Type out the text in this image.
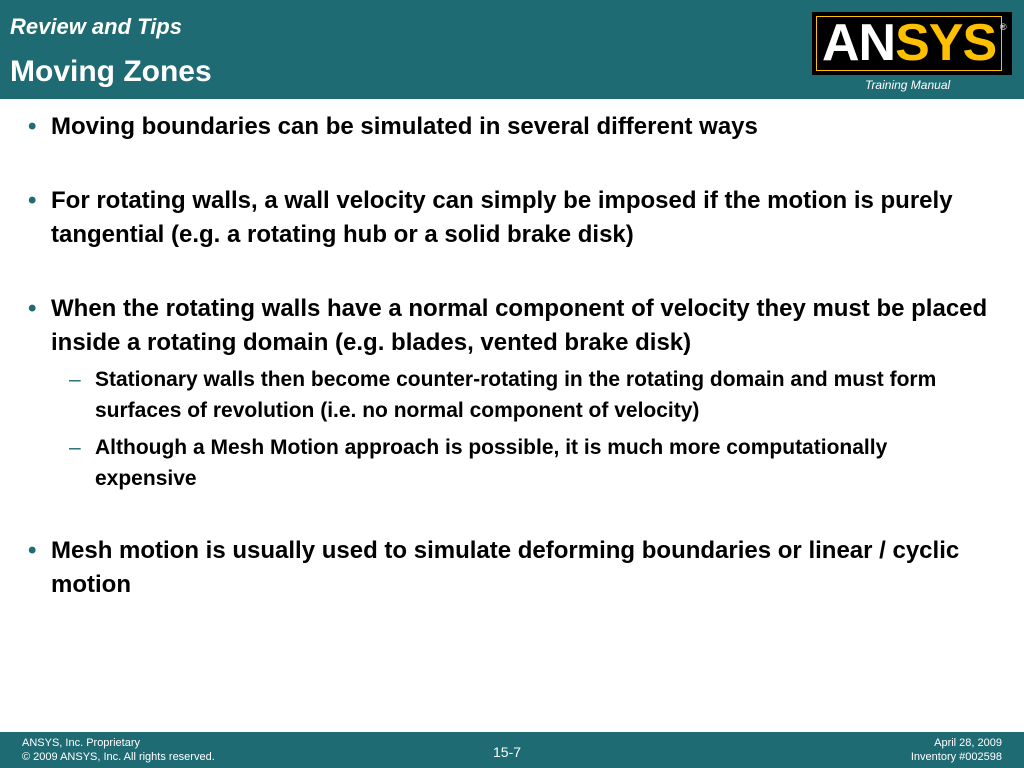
Review and Tips
Moving Zones	ANSYS ®
Training Manual
• Moving boundaries can be simulated in several different ways
• For rotating walls, a wall velocity can simply be imposed if the motion is purely tangential (e.g. a rotating hub or a solid brake disk)
• When the rotating walls have a normal component of velocity they must be placed inside a rotating domain (e.g. blades, vented brake disk)
– Stationary walls then become counter-rotating in the rotating domain and must form surfaces of revolution (i.e. no normal component of velocity)
– Although a Mesh Motion approach is possible, it is much more computationally expensive
• Mesh motion is usually used to simulate deforming boundaries or linear / cyclic motion
ANSYS, Inc. Proprietary
© 2009 ANSYS, Inc. All rights reserved.	15-7
April 28, 2009
Inventory #002598
